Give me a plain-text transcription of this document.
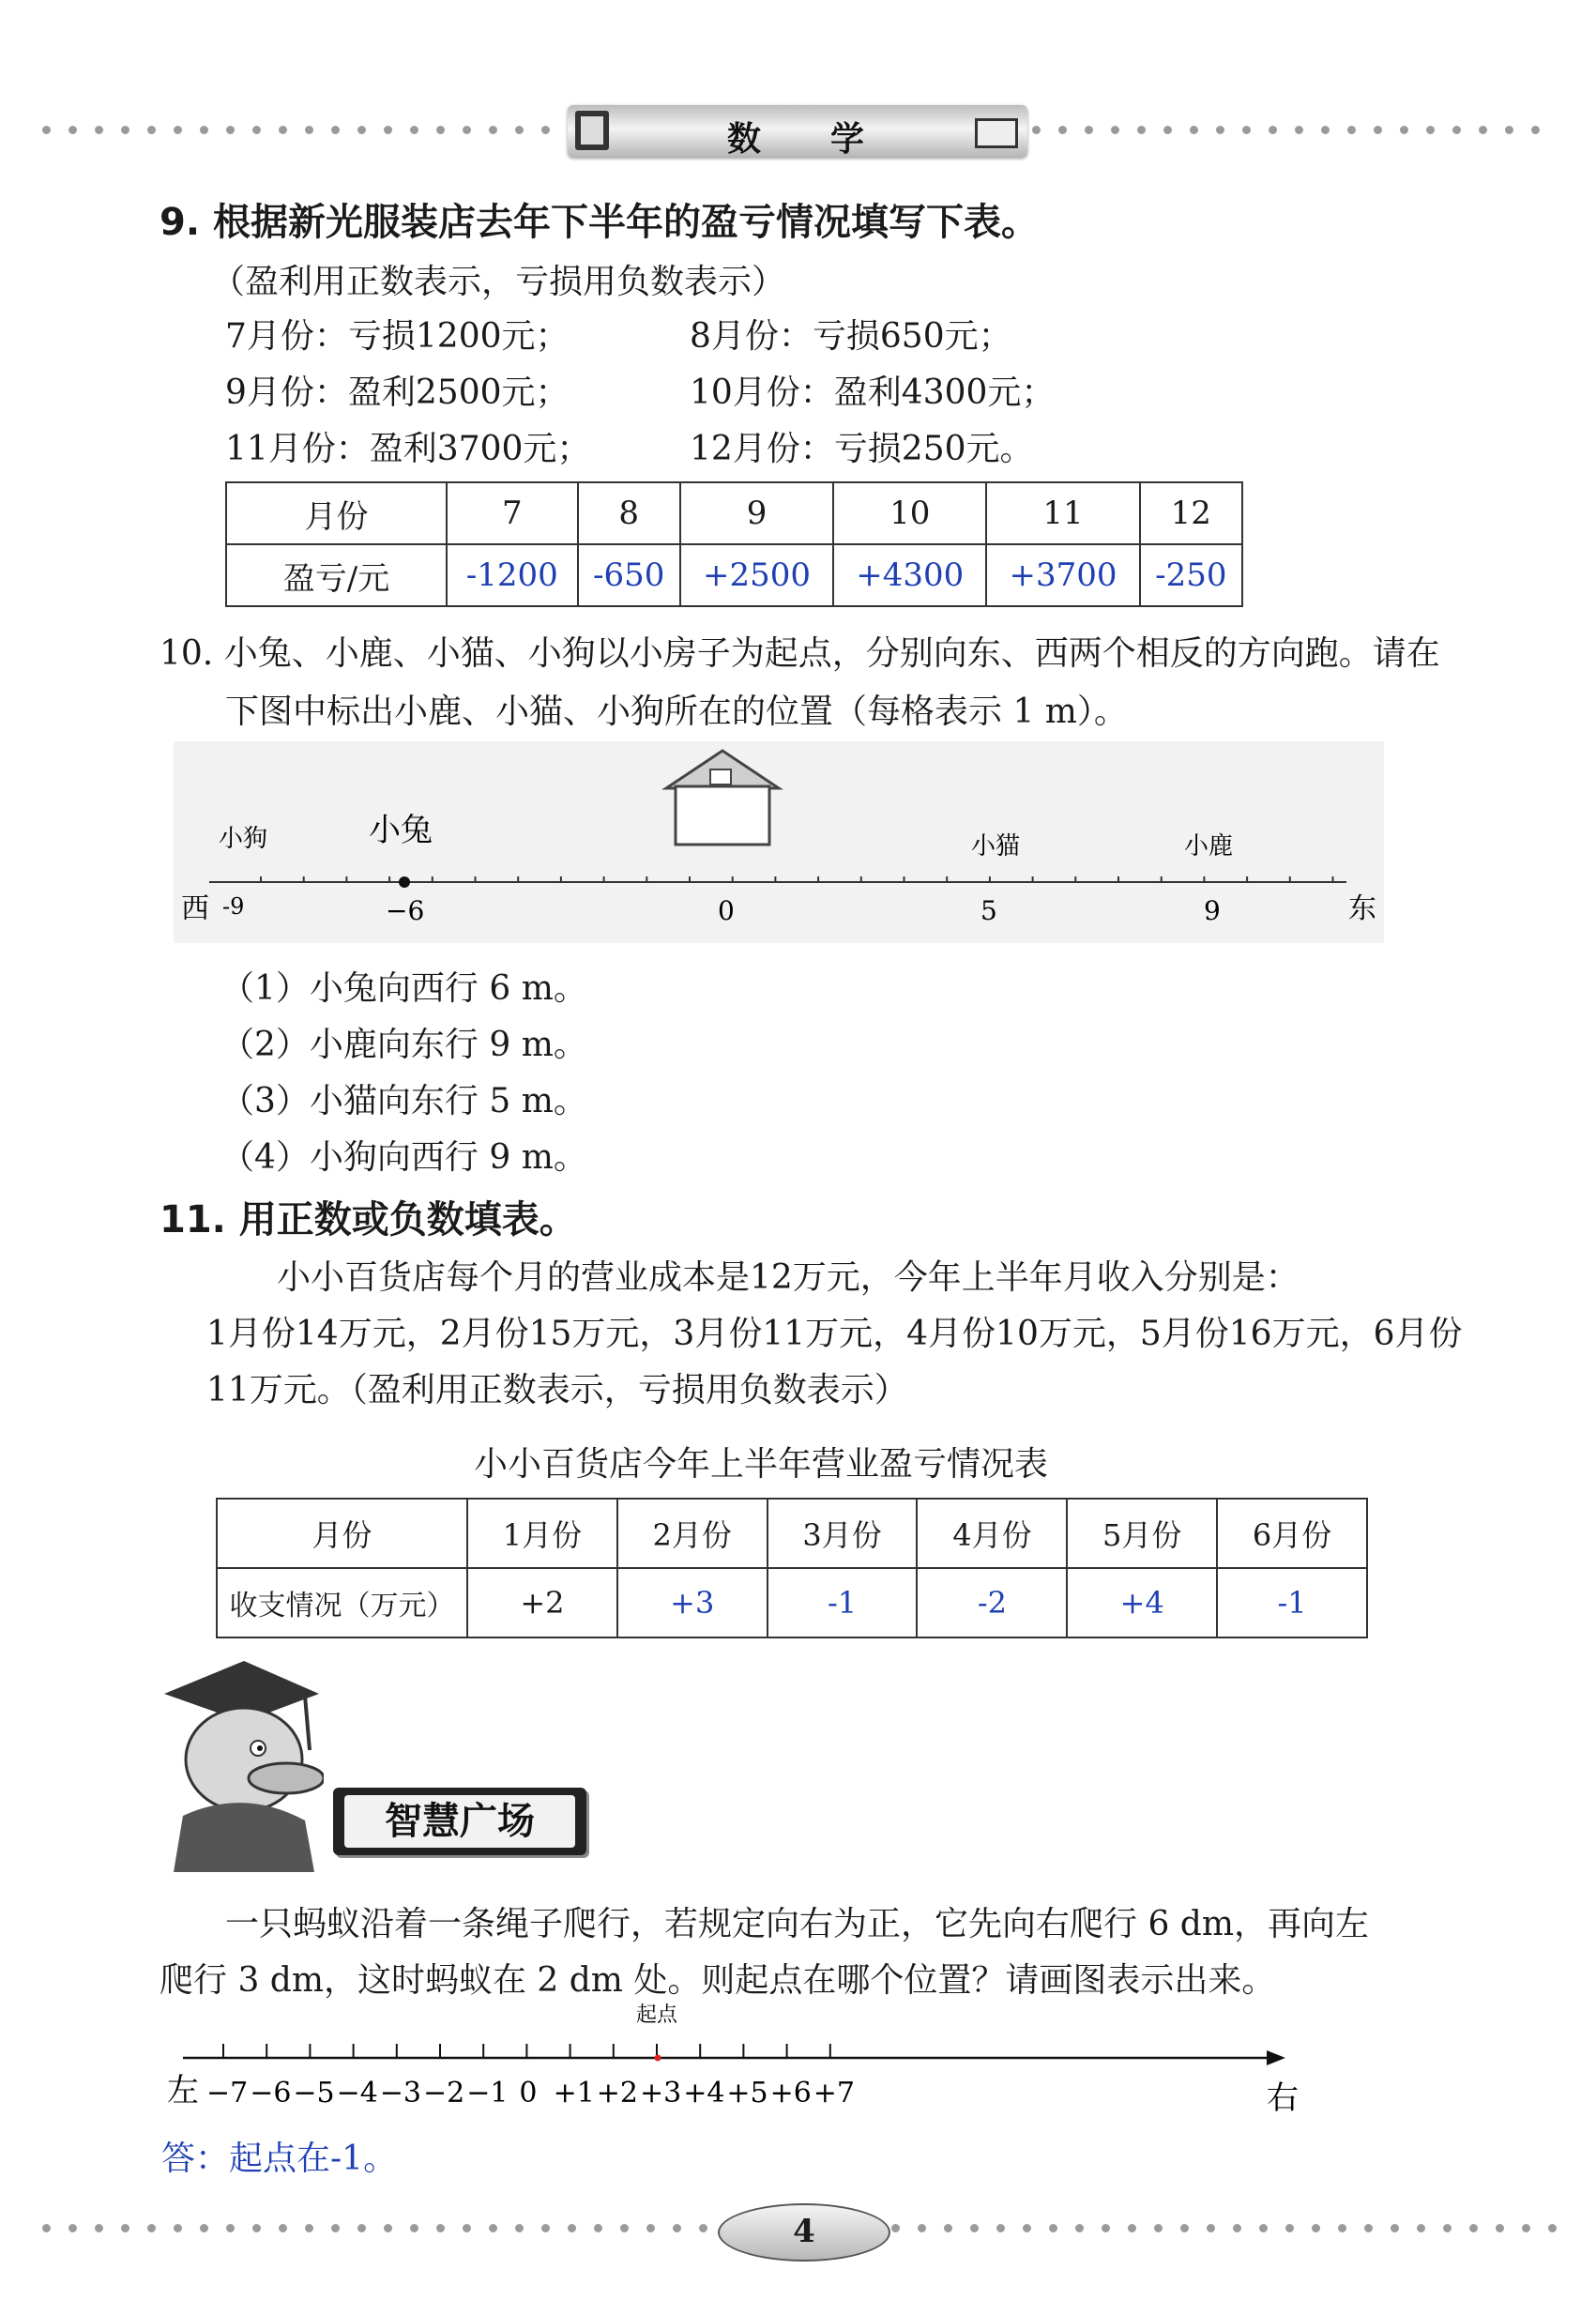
数 学
9. 根据新光服装店去年下半年的盈亏情况填写下表。
（盈利用正数表示，亏损用负数表示）
7月份：亏损1200元；	8月份：亏损650元；
9月份：盈利2500元；	10月份：盈利4300元；
11月份：盈利3700元；	12月份：亏损250元。
月份	7	8	9	10	11	12
盈亏/元	-1200	-650	+2500	+4300	+3700	-250
10. 小兔、小鹿、小猫、小狗以小房子为起点，分别向东、西两个相反的方向跑。请在
下图中标出小鹿、小猫、小狗所在的位置（每格表示 1 m）。
西	东
-9	−6	0	5	9
小狗	小兔	小猫	小鹿
（1）小兔向西行 6 m。
（2）小鹿向东行 9 m。
（3）小猫向东行 5 m。
（4）小狗向西行 9 m。
11. 用正数或负数填表。
小小百货店每个月的营业成本是12万元，今年上半年月收入分别是：
1月份14万元，2月份15万元，3月份11万元，4月份10万元，5月份16万元，6月份
11万元。（盈利用正数表示，亏损用负数表示）
小小百货店今年上半年营业盈亏情况表
月份	1月份	2月份	3月份	4月份	5月份	6月份
收支情况（万元）	+2	+3	-1	-2	+4	-1
智慧广场
一只蚂蚁沿着一条绳子爬行，若规定向右为正，它先向右爬行 6 dm，再向左
爬行 3 dm，这时蚂蚁在 2 dm 处。则起点在哪个位置？请画图表示出来。
起点
左	右
−7 −6 −5 −4 −3 −2 −1 0 +1 +2 +3 +4 +5 +6 +7
答：起点在-1。
4
